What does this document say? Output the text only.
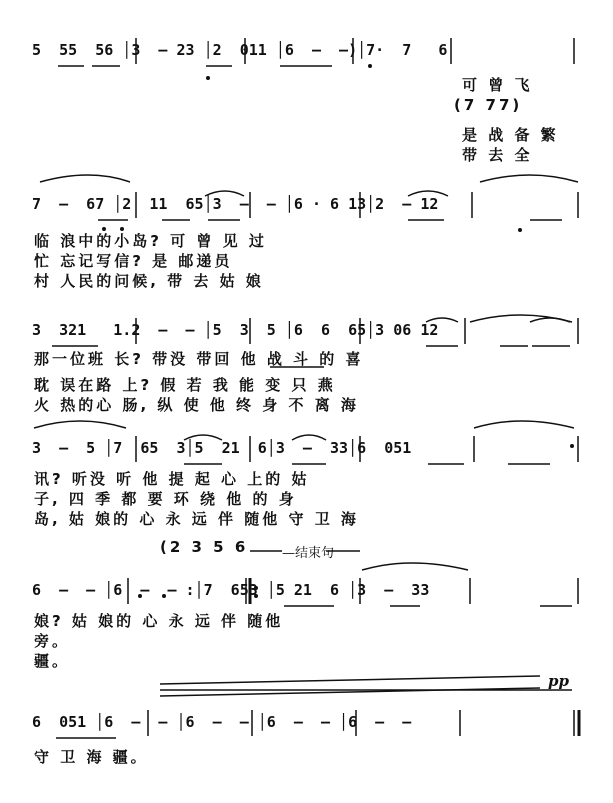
5  55  56 │3  — 23 │2  011 │6  —  —)│7·  7   6
7  —  67 │2  11  65│3  —  — │6 · 6 13│2  — 12
3  321   1.2  —  — │5  3  5 │6  6  65│3 06 12
3  —  5 │7  65  3│5  21  6│3  —  33│6  051
6  —  — │6  —  — :│7  653 │5 21  6 │3  —  33
6  051 │6  —  — │6  —  — │6  —  — │6  —  —
可 曾 飞
(7 77)
是 战 备 繁
带 去 全
临 浪中的小岛? 可 曾 见 过
忙 忘记写信? 是 邮递员
村 人民的问候, 带 去 姑 娘
那一位班 长? 带没 带回 他 战 斗 的 喜
耽 误在路 上? 假 若 我 能 变 只 燕
火 热的心 肠, 纵 使 他 终 身 不 离 海
讯? 听没 听 他 提 起 心 上的 姑
子, 四 季 都 要 环 绕 他 的 身
岛, 姑 娘的 心 永 远 伴 随他 守 卫 海
(2 3 5 6	—结束句
娘? 姑 娘的 心 永 远 伴 随他
旁。
疆。
pp
守 卫 海 疆。
